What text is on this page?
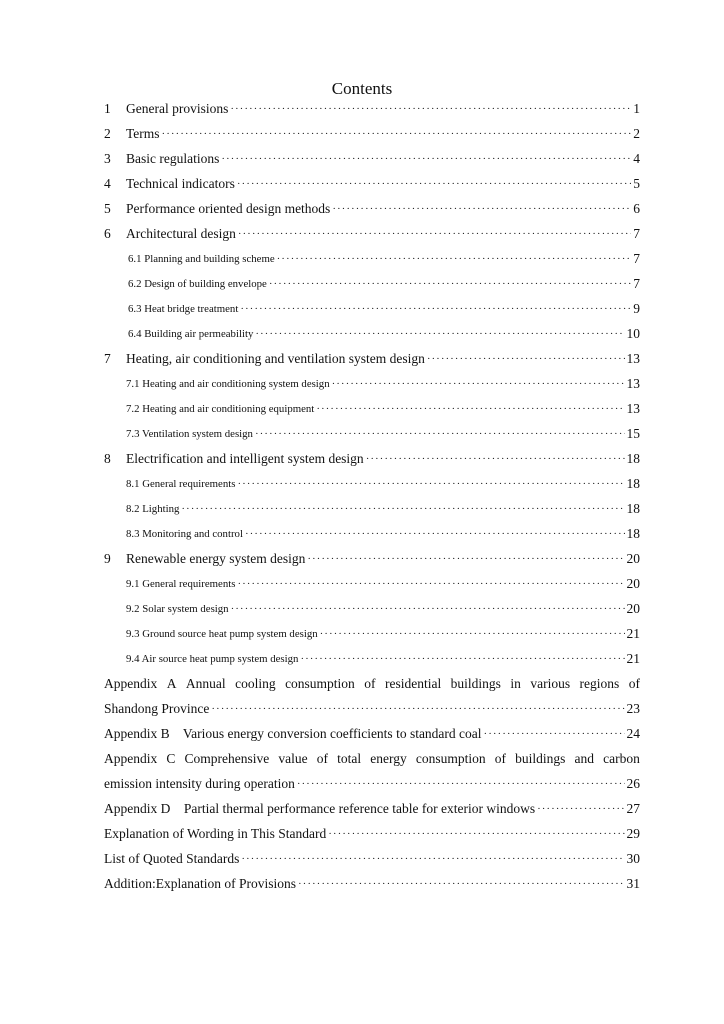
Contents
1	General provisions ·····	1
2	Terms ·····	2
3	Basic regulations ·····	4
4	Technical indicators ·····	5
5	Performance oriented design methods ·····	6
6	Architectural design ·····	7
6.1 Planning and building scheme ·····	7
6.2 Design of building envelope ·····	7
6.3 Heat bridge treatment ·····	9
6.4 Building air permeability ·····	10
7	Heating, air conditioning and ventilation system design ·····	13
7.1 Heating and air conditioning system design ·····	13
7.2 Heating and air conditioning equipment ·····	13
7.3 Ventilation system design ·····	15
8	Electrification and intelligent system design ·····	18
8.1 General requirements ·····	18
8.2 Lighting ·····	18
8.3 Monitoring and control ·····	18
9	Renewable energy system design ·····	20
9.1 General requirements ·····	20
9.2 Solar system design ·····	20
9.3 Ground source heat pump system design ·····	21
9.4 Air source heat pump system design ·····	21
Appendix A Annual cooling consumption of residential buildings in various regions of
Shandong Province ·····	23
Appendix B    Various energy conversion coefficients to standard coal ·····	24
Appendix C Comprehensive value of total energy consumption of buildings and carbon
emission intensity during operation ·····	26
Appendix D    Partial thermal performance reference table for exterior windows ·····	27
Explanation of Wording in This Standard ·····	29
List of Quoted Standards ·····	30
Addition:Explanation of Provisions ·····	31
